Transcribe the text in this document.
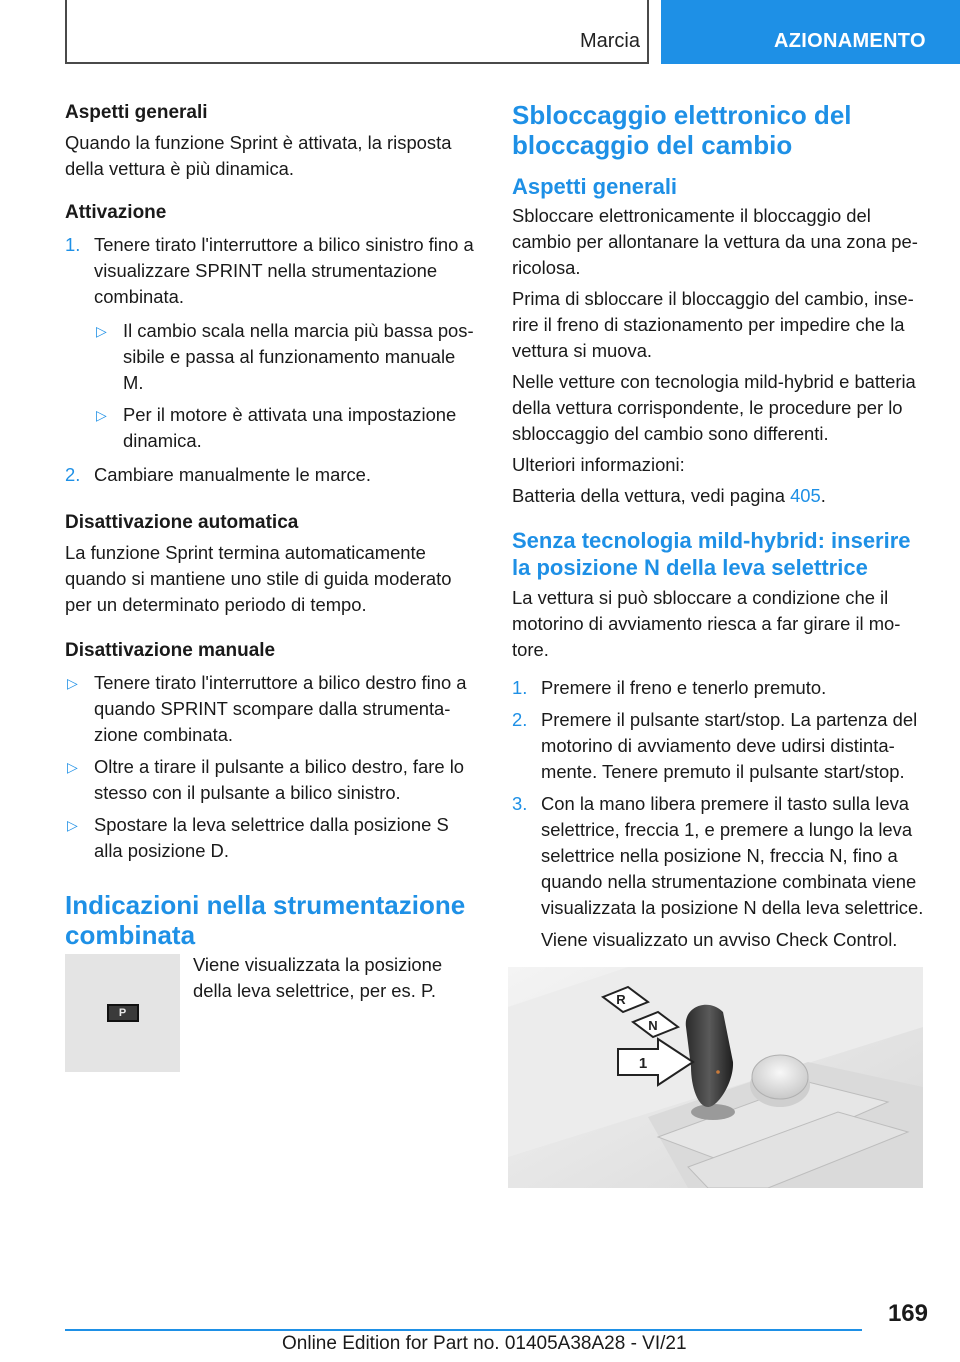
Marcia	AZIONAMENTO
Aspetti generali

Quando la funzione Sprint è attivata, la risposta della vettura è più dinamica.

Attivazione
1. Tenere tirato l'interruttore a bilico sinistro fino a visualizzare SPRINT nella strumentazione combinata.
▷ Il cambio scala nella marcia più bassa possibile e passa al funzionamento manuale M.
▷ Per il motore è attivata una impostazione dinamica.
2. Cambiare manualmente le marce.
Disattivazione automatica

La funzione Sprint termina automaticamente quando si mantiene uno stile di guida moderato per un determinato periodo di tempo.

Disattivazione manuale
▷ Tenere tirato l'interruttore a bilico destro fino a quando SPRINT scompare dalla strumentazione combinata.
▷ Oltre a tirare il pulsante a bilico destro, fare lo stesso con il pulsante a bilico sinistro.
▷ Spostare la leva selettrice dalla posizione S alla posizione D.
Indicazioni nella strumentazione combinata
P

Viene visualizzata la posizione della leva selettrice, per es. P.

Sbloccaggio elettronico del bloccaggio del cambio
Aspetti generali

Sbloccare elettronicamente il bloccaggio del cambio per allontanare la vettura da una zona pericolosa.

Prima di sbloccare il bloccaggio del cambio, inserire il freno di stazionamento per impedire che la vettura si muova.

Nelle vetture con tecnologia mild-hybrid e batteria della vettura corrispondente, le procedure per lo sbloccaggio del cambio sono differenti.

Ulteriori informazioni:

Batteria della vettura, vedi pagina 405.

Senza tecnologia mild-hybrid: inserire la posizione N della leva selettrice

La vettura si può sbloccare a condizione che il motorino di avviamento riesca a far girare il motore.

1. Premere il freno e tenerlo premuto.
2. Premere il pulsante start/stop. La partenza del motorino di avviamento deve udirsi distintamente. Tenere premuto il pulsante start/stop.
3. Con la mano libera premere il tasto sulla leva selettrice, freccia 1, e premere a lungo la leva selettrice nella posizione N, freccia N, fino a quando nella strumentazione combinata viene visualizzata la posizione N della leva selettrice.

Viene visualizzato un avviso Check Control.

R
N
1
169
Online Edition for Part no. 01405A38A28 - VI/21
